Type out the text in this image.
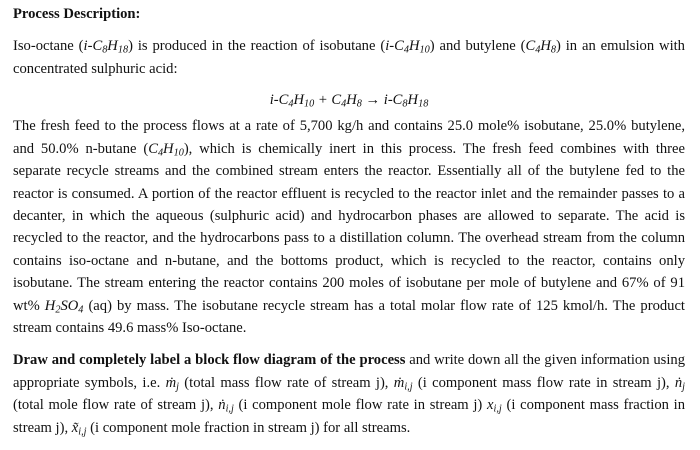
Process Description:

Iso-octane $(i-C_8H_{18})$ is produced in the reaction of isobutane $(i-C_4H_{10})$ and butylene $(C_4H_8)$ in an emulsion with concentrated sulphuric acid:

$i-C_4H_{10} + C_4H_8 \to i-C_8H_{18}$

The fresh feed to the process flows at a rate of 5,700 kg/h and contains 25.0 mole% isobutane, 25.0% butylene, and 50.0% n-butane $(C_4H_{10})$, which is chemically inert in this process. The fresh feed combines with three separate recycle streams and the combined stream enters the reactor. Essentially all of the butylene fed to the reactor is consumed. A portion of the reactor effluent is recycled to the reactor inlet and the remainder passes to a decanter, in which the aqueous (sulphuric acid) and hydrocarbon phases are allowed to separate. The acid is recycled to the reactor, and the hydrocarbons pass to a distillation column. The overhead stream from the column contains iso-octane and n-butane, and the bottoms product, which is recycled to the reactor, contains only isobutane. The stream entering the reactor contains 200 moles of isobutane per mole of butylene and 67% of 91 wt% $H_2SO_4$ (aq) by mass. The isobutane recycle stream has a total molar flow rate of 125 kmol/h. The product stream contains 49.6 mass% Iso-octane.

Draw and completely label a block flow diagram of the process and write down all the given information using appropriate symbols, i.e. ṁ$_j$ (total mass flow rate of stream j), ṁ$_{i,j}$ (i component mass flow rate in stream j), ṅ$_j$ (total mole flow rate of stream j), ṅ$_{i,j}$ (i component mole flow rate in stream j) $x_{i,j}$ (i component mass fraction in stream j), $x̃_{i,j}$ (i component mole fraction in stream j) for all streams.
